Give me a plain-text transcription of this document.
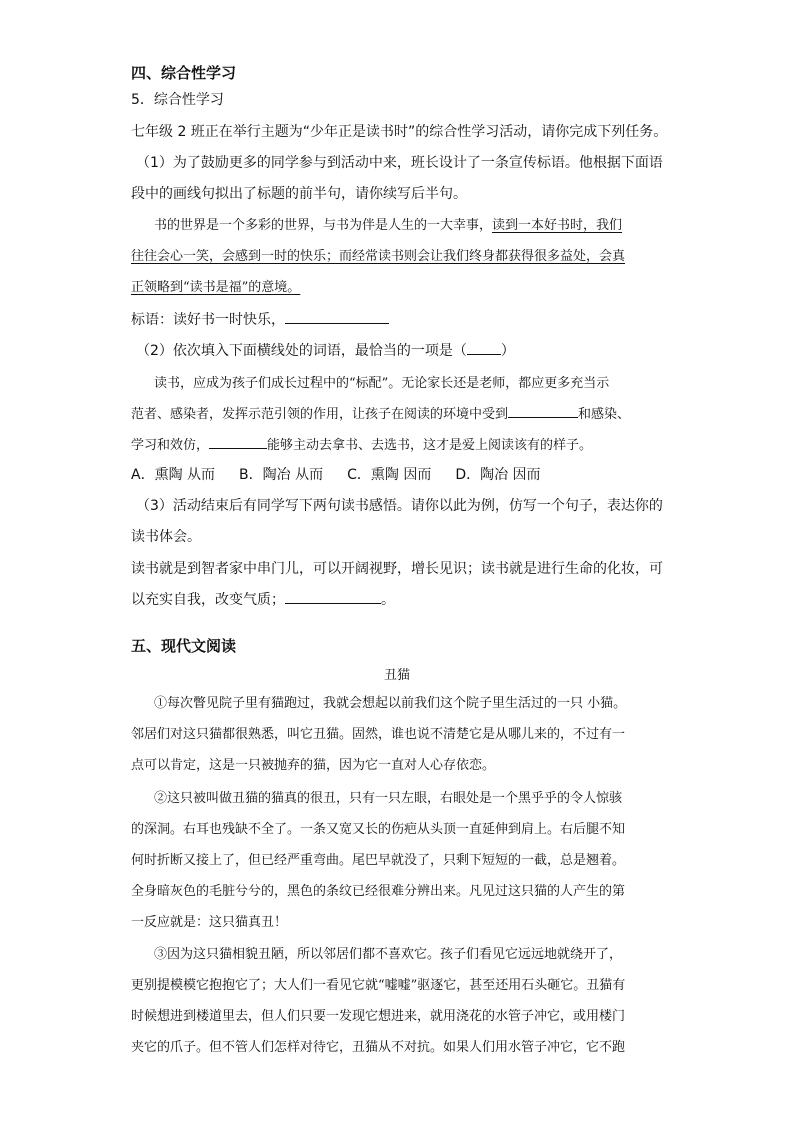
四、综合性学习
5．综合性学习
七年级 2 班正在举行主题为“少年正是读书时”的综合性学习活动，请你完成下列任务。
（1）为了鼓励更多的同学参与到活动中来，班长设计了一条宣传标语。他根据下面语
段中的画线句拟出了标题的前半句，请你续写后半句。
书的世界是一个多彩的世界，与书为伴是人生的一大幸事，读到一本好书时，我们
往往会心一笑，会感到一时的快乐；而经常读书则会让我们终身都获得很多益处，会真
正领略到“读书是福”的意境。
标语：读好书一时快乐，
（2）依次填入下面横线处的词语，最恰当的一项是（ ）
读书，应成为孩子们成长过程中的“标配”。无论家长还是老师，都应更多充当示
范者、感染者，发挥示范引领的作用，让孩子在阅读的环境中受到	和感染、
学习和效仿，	能够主动去拿书、去选书，这才是爱上阅读该有的样子。
A．熏陶 从而 B．陶冶 从而 C．熏陶 因而 D．陶冶 因而
（3）活动结束后有同学写下两句读书感悟。请你以此为例，仿写一个句子，表达你的
读书体会。
读书就是到智者家中串门儿，可以开阔视野，增长见识；读书就是进行生命的化妆，可
以充实自我，改变气质；	。
五、现代文阅读
丑猫
①每次瞥见院子里有猫跑过，我就会想起以前我们这个院子里生活过的一只 小猫。
邻居们对这只猫都很熟悉，叫它丑猫。固然，谁也说不清楚它是从哪儿来的，不过有一
点可以肯定，这是一只被抛弃的猫，因为它一直对人心存依恋。
②这只被叫做丑猫的猫真的很丑，只有一只左眼，右眼处是一个黑乎乎的令人惊骇
的深洞。右耳也残缺不全了。一条又宽又长的伤疤从头顶一直延伸到肩上。右后腿不知
何时折断又接上了，但已经严重弯曲。尾巴早就没了，只剩下短短的一截，总是翘着。
全身暗灰色的毛脏兮兮的，黑色的条纹已经很难分辨出来。凡见过这只猫的人产生的第
一反应就是：这只猫真丑！
③因为这只猫相貌丑陋，所以邻居们都不喜欢它。孩子们看见它远远地就绕开了，
更别提模模它抱抱它了；大人们一看见它就“嘘嘘”驱逐它，甚至还用石头砸它。丑猫有
时候想进到楼道里去，但人们只要一发现它想进来，就用浇花的水管子冲它，或用楼门
夹它的爪子。但不管人们怎样对待它，丑猫从不对抗。如果人们用水管子冲它，它不跑
